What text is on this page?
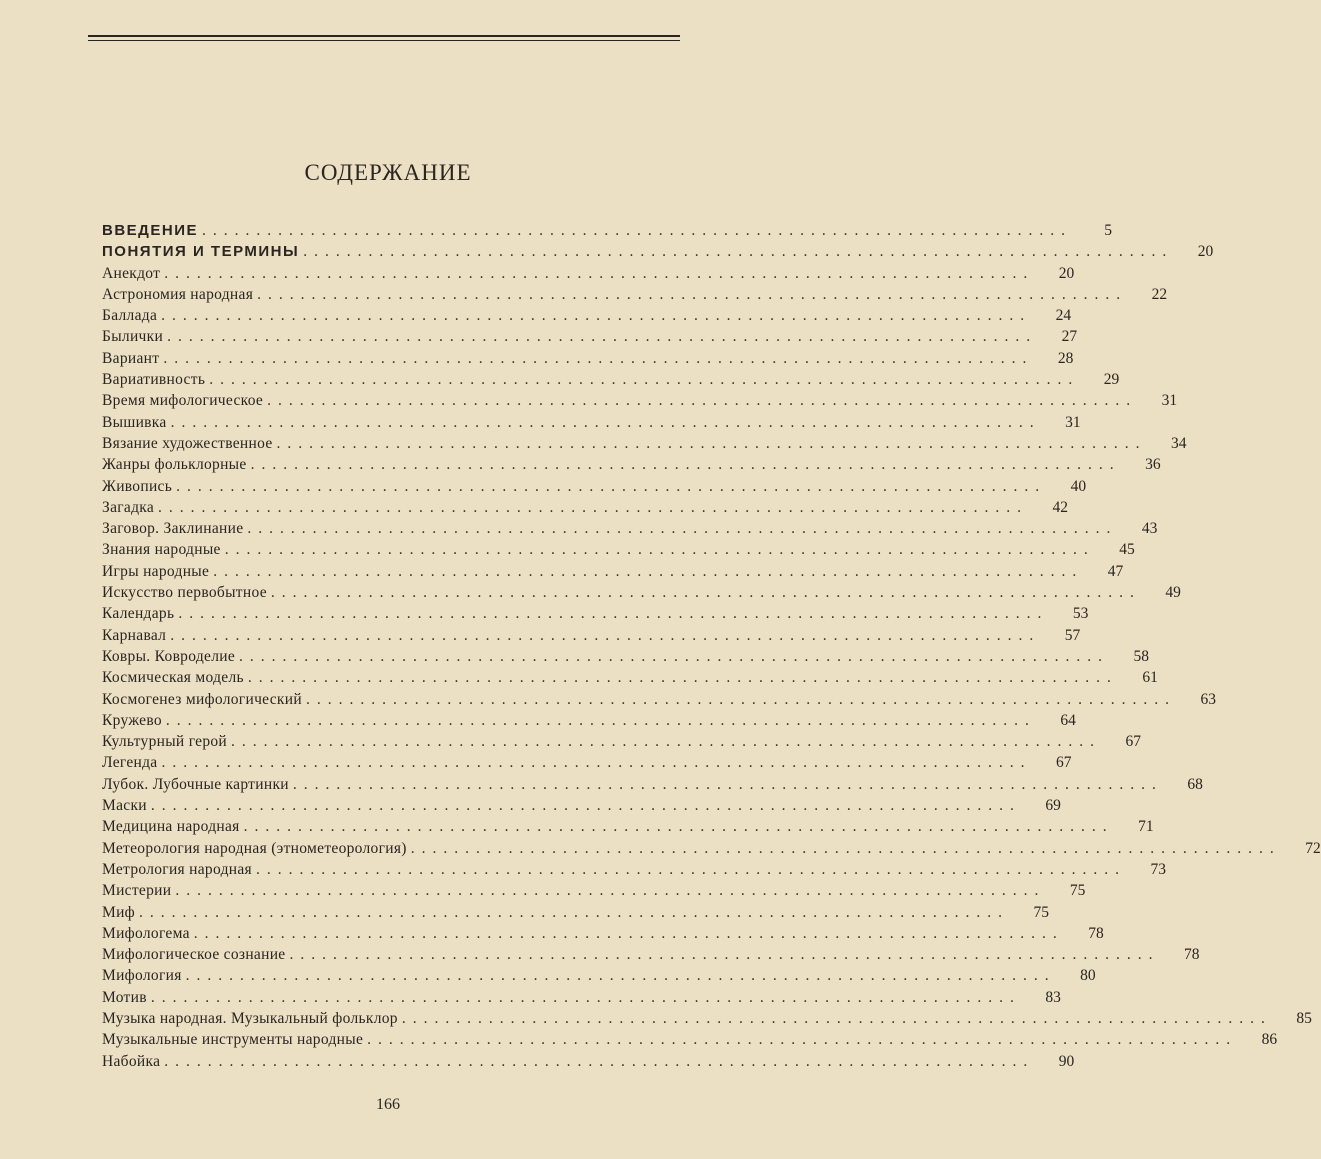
СОДЕРЖАНИЕ
ВВЕДЕНИЕ ................................................................................	5
ПОНЯТИЯ И ТЕРМИНЫ ................................................................................	20
Анекдот ................................................................................	20
Астрономия народная ................................................................................	22
Баллада ................................................................................	24
Былички ................................................................................	27
Вариант ................................................................................	28
Вариативность ................................................................................	29
Время мифологическое ................................................................................	31
Вышивка ................................................................................	31
Вязание художественное ................................................................................	34
Жанры фольклорные ................................................................................	36
Живопись ................................................................................	40
Загадка ................................................................................	42
Заговор. Заклинание ................................................................................	43
Знания народные ................................................................................	45
Игры народные ................................................................................	47
Искусство первобытное ................................................................................	49
Календарь ................................................................................	53
Карнавал ................................................................................	57
Ковры. Ковроделие ................................................................................	58
Космическая модель ................................................................................	61
Космогенез мифологический ................................................................................	63
Кружево ................................................................................	64
Культурный герой ................................................................................	67
Легенда ................................................................................	67
Лубок. Лубочные картинки ................................................................................	68
Маски ................................................................................	69
Медицина народная ................................................................................	71
Метеорология народная (этнометеорология) ................................................................................	72
Метрология народная ................................................................................	73
Мистерии ................................................................................	75
Миф ................................................................................	75
Мифологема ................................................................................	78
Мифологическое сознание ................................................................................	78
Мифология ................................................................................	80
Мотив ................................................................................	83
Музыка народная. Музыкальный фольклор ................................................................................	85
Музыкальные инструменты народные ................................................................................	86
Набойка ................................................................................	90
166
